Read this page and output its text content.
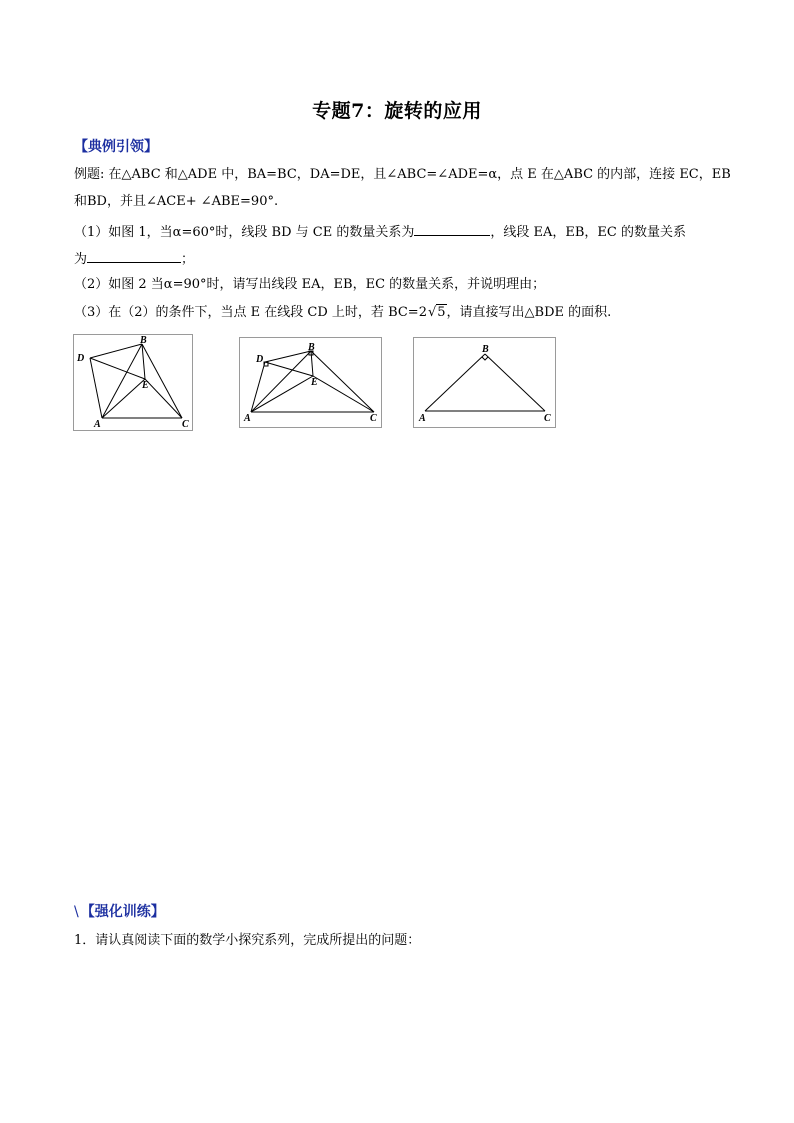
专题7：旋转的应用
【典例引领】
例题: 在△ABC 和△ADE 中，BA=BC，DA=DE，且∠ABC=∠ADE=α，点 E 在△ABC 的内部，连接 EC，EB
和BD，并且∠ACE+ ∠ABE=90°.
（1）如图 1，当α=60°时，线段 BD 与 CE 的数量关系为	，线段 EA，EB，EC 的数量关系
为	；
（2）如图 2 当α=90°时，请写出线段 EA，EB，EC 的数量关系，并说明理由；
（3）在（2）的条件下，当点 E 在线段 CD 上时，若 BC=2√5，请直接写出△BDE 的面积.
D
B
E
A	C
D
B
E
A	C
B
A	C
\ 【强化训练】
1．请认真阅读下面的数学小探究系列，完成所提出的问题：
